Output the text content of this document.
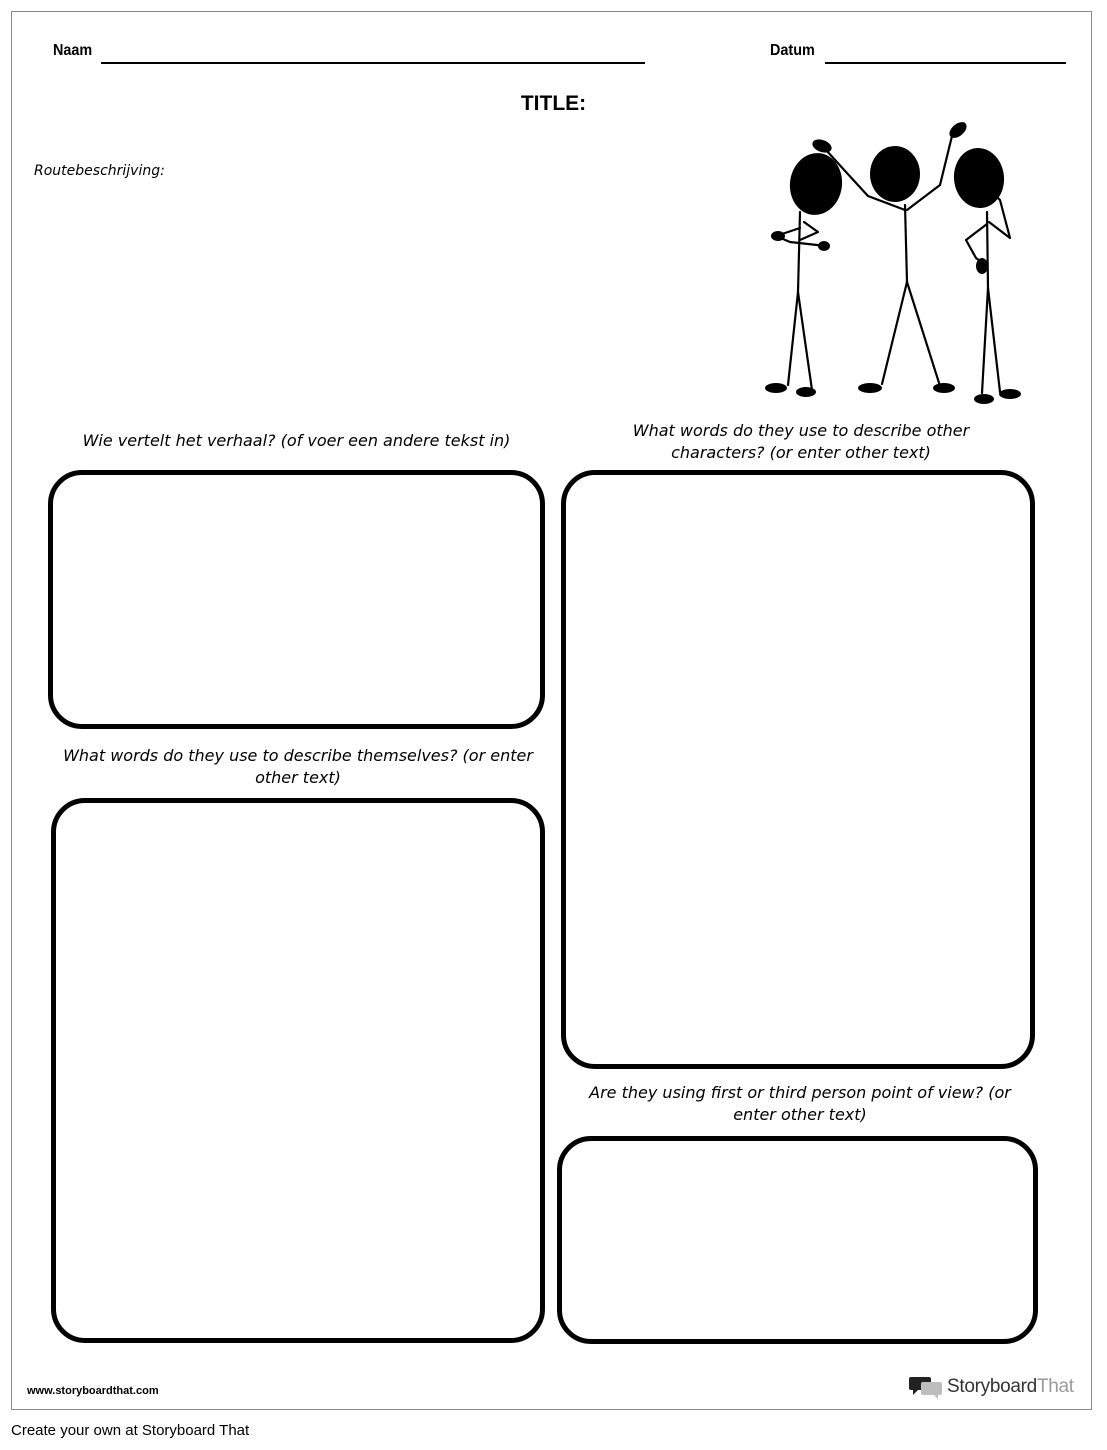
Naam	Datum
TITLE:
Routebeschrijving:
Wie vertelt het verhaal? (of voer een andere tekst in)
What words do they use to describe other characters? (or enter other text)
What words do they use to describe themselves? (or enter other text)
Are they using first or third person point of view? (or enter other text)
www.storyboardthat.com	StoryboardThat
Create your own at Storyboard That
